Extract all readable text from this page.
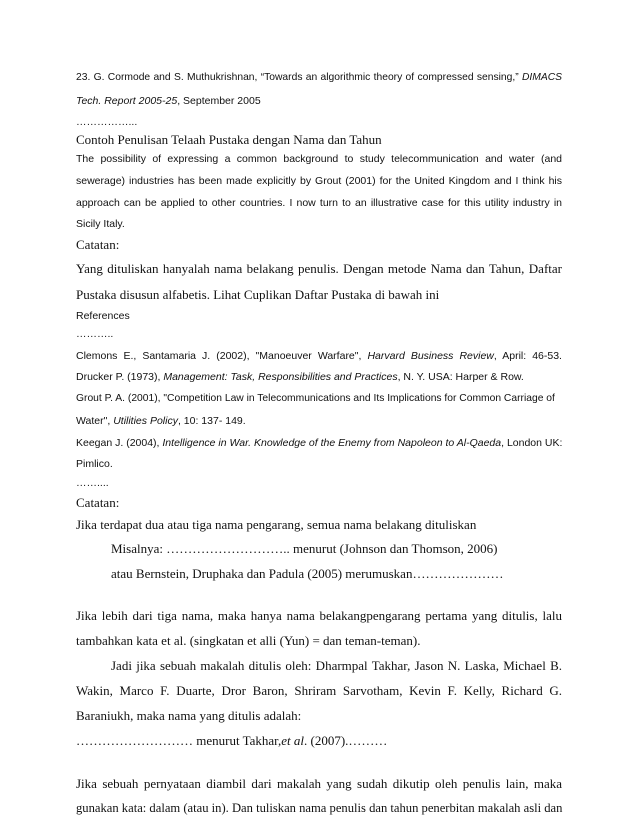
23. G. Cormode and S. Muthukrishnan, “Towards an algorithmic theory of compressed sensing,” DIMACS
Tech. Report 2005-25, September 2005
……………...
Contoh Penulisan Telaah Pustaka dengan Nama dan Tahun
The possibility of expressing a common background to study telecommunication and water (and
sewerage) industries has been made explicitly by Grout (2001) for the United Kingdom and I think his
approach can be applied to other countries. I now turn to an illustrative case for this utility industry in
Sicily Italy.
Catatan:
Yang dituliskan hanyalah nama belakang penulis. Dengan metode Nama dan Tahun, Daftar
Pustaka disusun alfabetis. Lihat Cuplikan Daftar Pustaka di bawah ini
References
………..
Clemons E., Santamaria J. (2002), "Manoeuver Warfare", Harvard Business Review, April: 46-53.
Drucker P. (1973), Management: Task, Responsibilities and Practices, N. Y. USA: Harper & Row.
Grout P. A. (2001), "Competition Law in Telecommunications and Its Implications for Common Carriage of
Water", Utilities Policy, 10: 137- 149.
Keegan J. (2004), Intelligence in War. Knowledge of the Enemy from Napoleon to Al-Qaeda, London UK:
Pimlico.
……....
Catatan:
Jika terdapat dua atau tiga nama pengarang, semua nama belakang dituliskan
Misalnya: ……………………….. menurut (Johnson dan Thomson, 2006)
atau Bernstein, Druphaka dan Padula (2005) merumuskan…………………
Jika lebih dari tiga nama, maka hanya nama belakangpengarang pertama yang ditulis, lalu
tambahkan kata et al. (singkatan et alli (Yun) = dan teman-teman).
Jadi jika sebuah makalah ditulis oleh: Dharmpal Takhar, Jason N. Laska, Michael B.
Wakin, Marco F. Duarte, Dror Baron, Shriram Sarvotham, Kevin F. Kelly, Richard G.
Baraniukh, maka nama yang ditulis adalah:
……………………… menurut Takhar,et al. (2007).………
Jika sebuah pernyataan diambil dari makalah yang sudah dikutip oleh penulis lain, maka
gunakan kata: dalam (atau in). Dan tuliskan nama penulis dan tahun penerbitan makalah asli dan
